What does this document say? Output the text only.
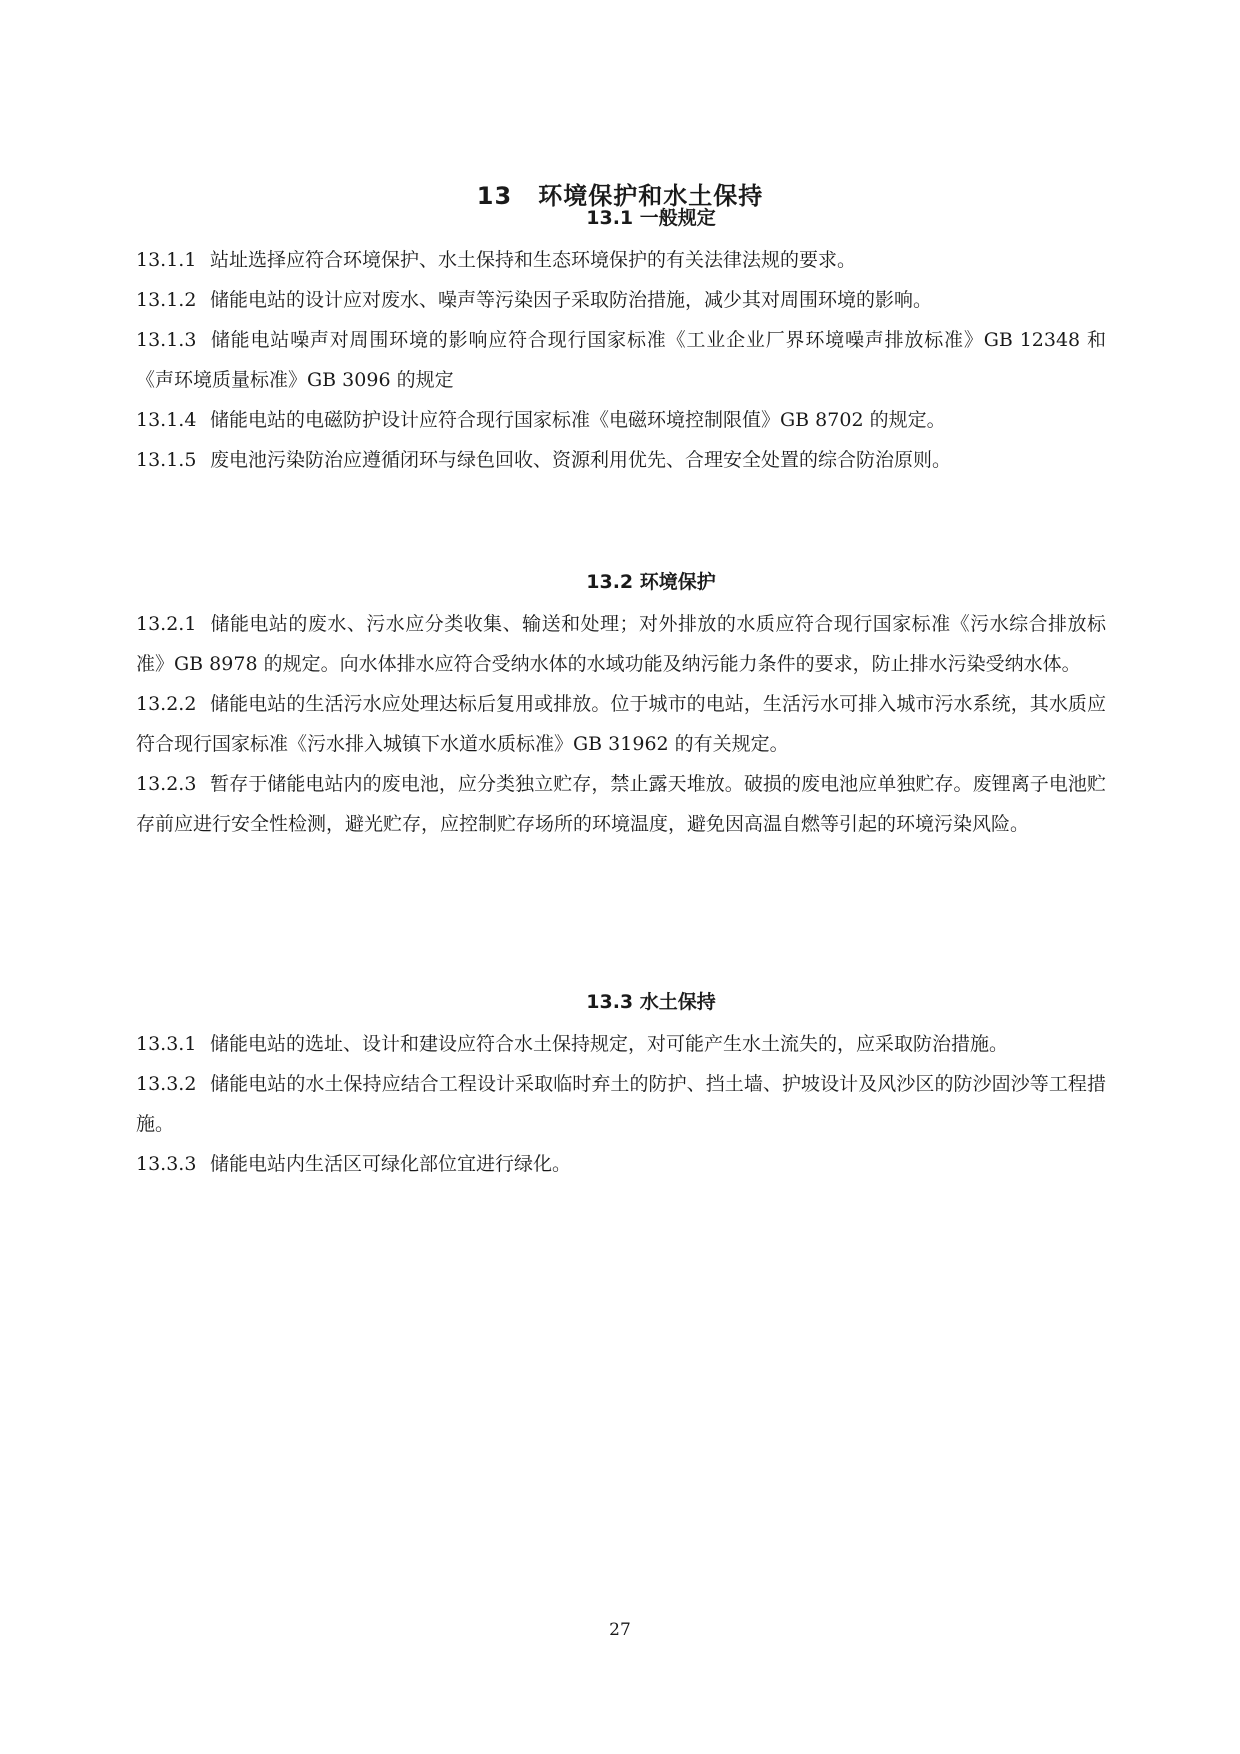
13 环境保护和水土保持
13.1 一般规定

13.1.1 站址选择应符合环境保护、水土保持和生态环境保护的有关法律法规的要求。

13.1.2 储能电站的设计应对废水、噪声等污染因子采取防治措施，减少其对周围环境的影响。

13.1.3 储能电站噪声对周围环境的影响应符合现行国家标准《工业企业厂界环境噪声排放标准》GB 12348 和《声环境质量标准》GB 3096 的规定

13.1.4 储能电站的电磁防护设计应符合现行国家标准《电磁环境控制限值》GB 8702 的规定。

13.1.5 废电池污染防治应遵循闭环与绿色回收、资源利用优先、合理安全处置的综合防治原则。

13.2 环境保护

13.2.1 储能电站的废水、污水应分类收集、输送和处理；对外排放的水质应符合现行国家标准《污水综合排放标准》GB 8978 的规定。向水体排水应符合受纳水体的水域功能及纳污能力条件的要求，防止排水污染受纳水体。

13.2.2 储能电站的生活污水应处理达标后复用或排放。位于城市的电站，生活污水可排入城市污水系统，其水质应符合现行国家标准《污水排入城镇下水道水质标准》GB 31962 的有关规定。

13.2.3 暂存于储能电站内的废电池，应分类独立贮存，禁止露天堆放。破损的废电池应单独贮存。废锂离子电池贮存前应进行安全性检测，避光贮存，应控制贮存场所的环境温度，避免因高温自燃等引起的环境污染风险。

13.3 水土保持

13.3.1 储能电站的选址、设计和建设应符合水土保持规定，对可能产生水土流失的，应采取防治措施。

13.3.2 储能电站的水土保持应结合工程设计采取临时弃土的防护、挡土墙、护坡设计及风沙区的防沙固沙等工程措施。

13.3.3 储能电站内生活区可绿化部位宜进行绿化。

27
